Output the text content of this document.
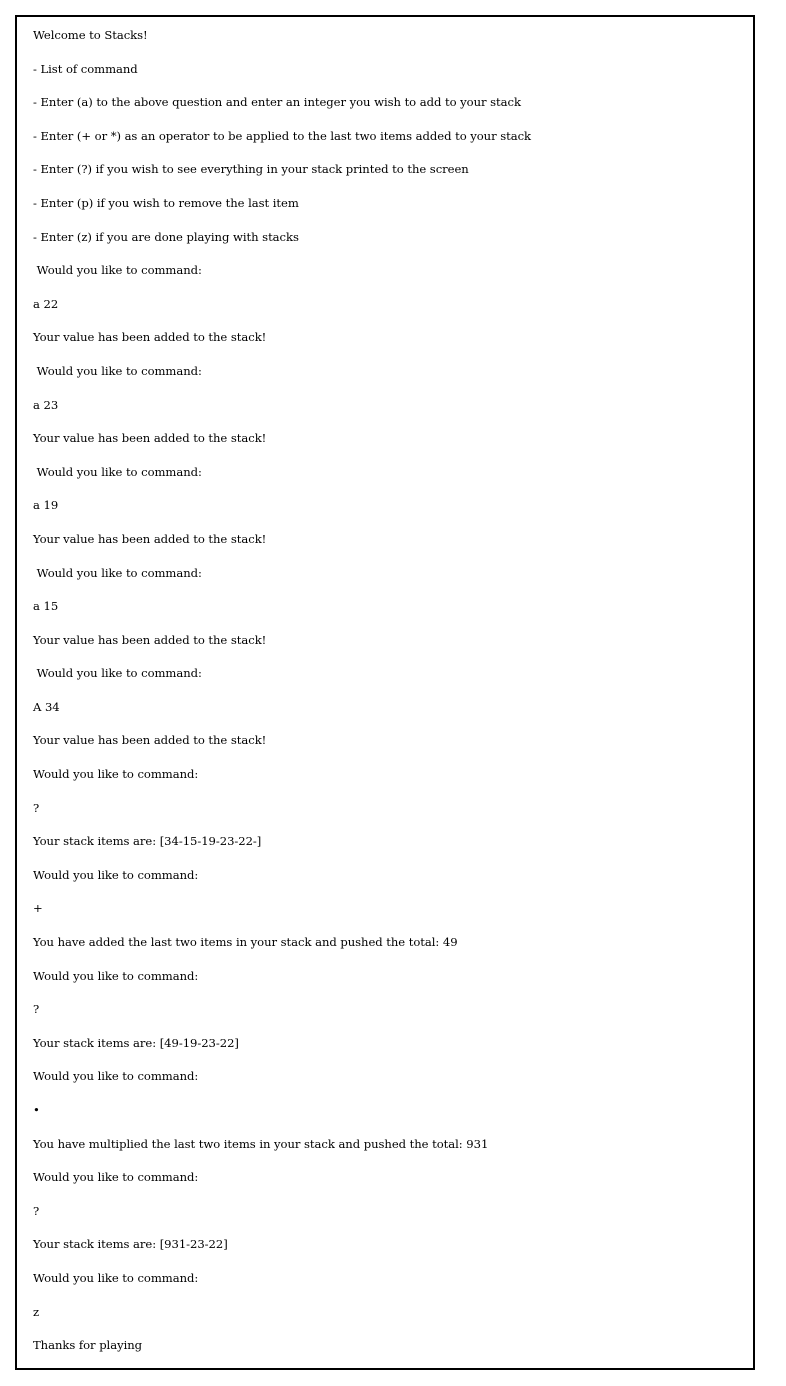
Welcome to Stacks!
- List of command
- Enter (a) to the above question and enter an integer you wish to add to your stack
- Enter (+ or *) as an operator to be applied to the last two items added to your stack
- Enter (?) if you wish to see everything in your stack printed to the screen
- Enter (p) if you wish to remove the last item
- Enter (z) if you are done playing with stacks
Would you like to command:
a 22
Your value has been added to the stack!
Would you like to command:
a 23
Your value has been added to the stack!
Would you like to command:
a 19
Your value has been added to the stack!
Would you like to command:
a 15
Your value has been added to the stack!
Would you like to command:
A 34
Your value has been added to the stack!
Would you like to command:
?
Your stack items are: [34-15-19-23-22-]
Would you like to command:
+
You have added the last two items in your stack and pushed the total: 49
Would you like to command:
?
Your stack items are: [49-19-23-22]
Would you like to command:
•
You have multiplied the last two items in your stack and pushed the total: 931
Would you like to command:
?
Your stack items are: [931-23-22]
Would you like to command:
z
Thanks for playing
